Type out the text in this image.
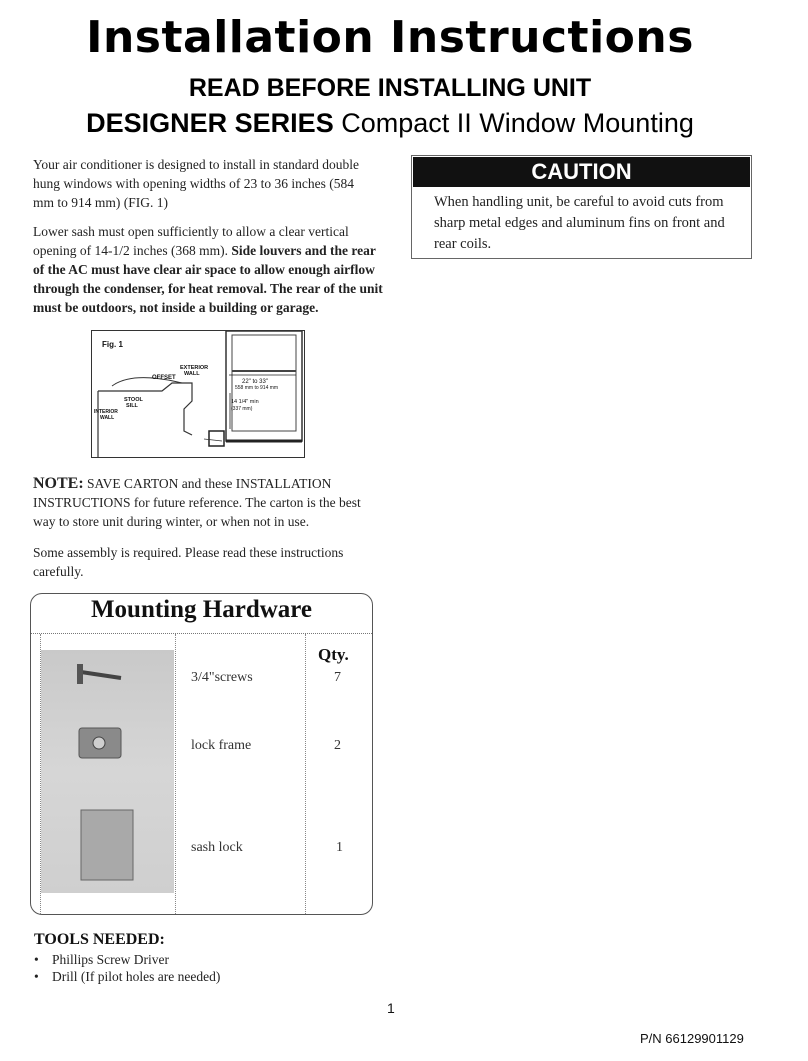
Installation Instructions
READ BEFORE INSTALLING UNIT
DESIGNER SERIES Compact II Window Mounting
Your air conditioner is designed to install in standard double hung windows with opening widths of 23 to 36 inches (584 mm to 914 mm) (FIG. 1)
Lower sash must open sufficiently to allow a clear vertical opening of 14-1/2 inches (368 mm). Side louvers and the rear of the AC must have clear air space to allow enough airflow through the condenser, for heat removal. The rear of the unit must be outdoors, not inside a building or garage.
CAUTION
When handling unit, be careful to avoid cuts from sharp metal edges and aluminum fins on front and rear coils.
Fig. 1
22" to 33"
558 mm to 914 mm
14 1/4" min
(337 mm)
OFFSET
EXTERIOR
WALL
STOOL
SILL
INTERIOR
WALL
NOTE: SAVE CARTON and these INSTALLATION INSTRUCTIONS for future reference. The carton is the best way to store unit during winter, or when not in use.
Some assembly is required. Please read these instructions carefully.
Mounting Hardware
Qty.
3/4"screws	7
lock frame	2
sash lock	1
TOOLS NEEDED:
• Phillips Screw Driver
• Drill (If pilot holes are needed)
1
P/N 66129901129
